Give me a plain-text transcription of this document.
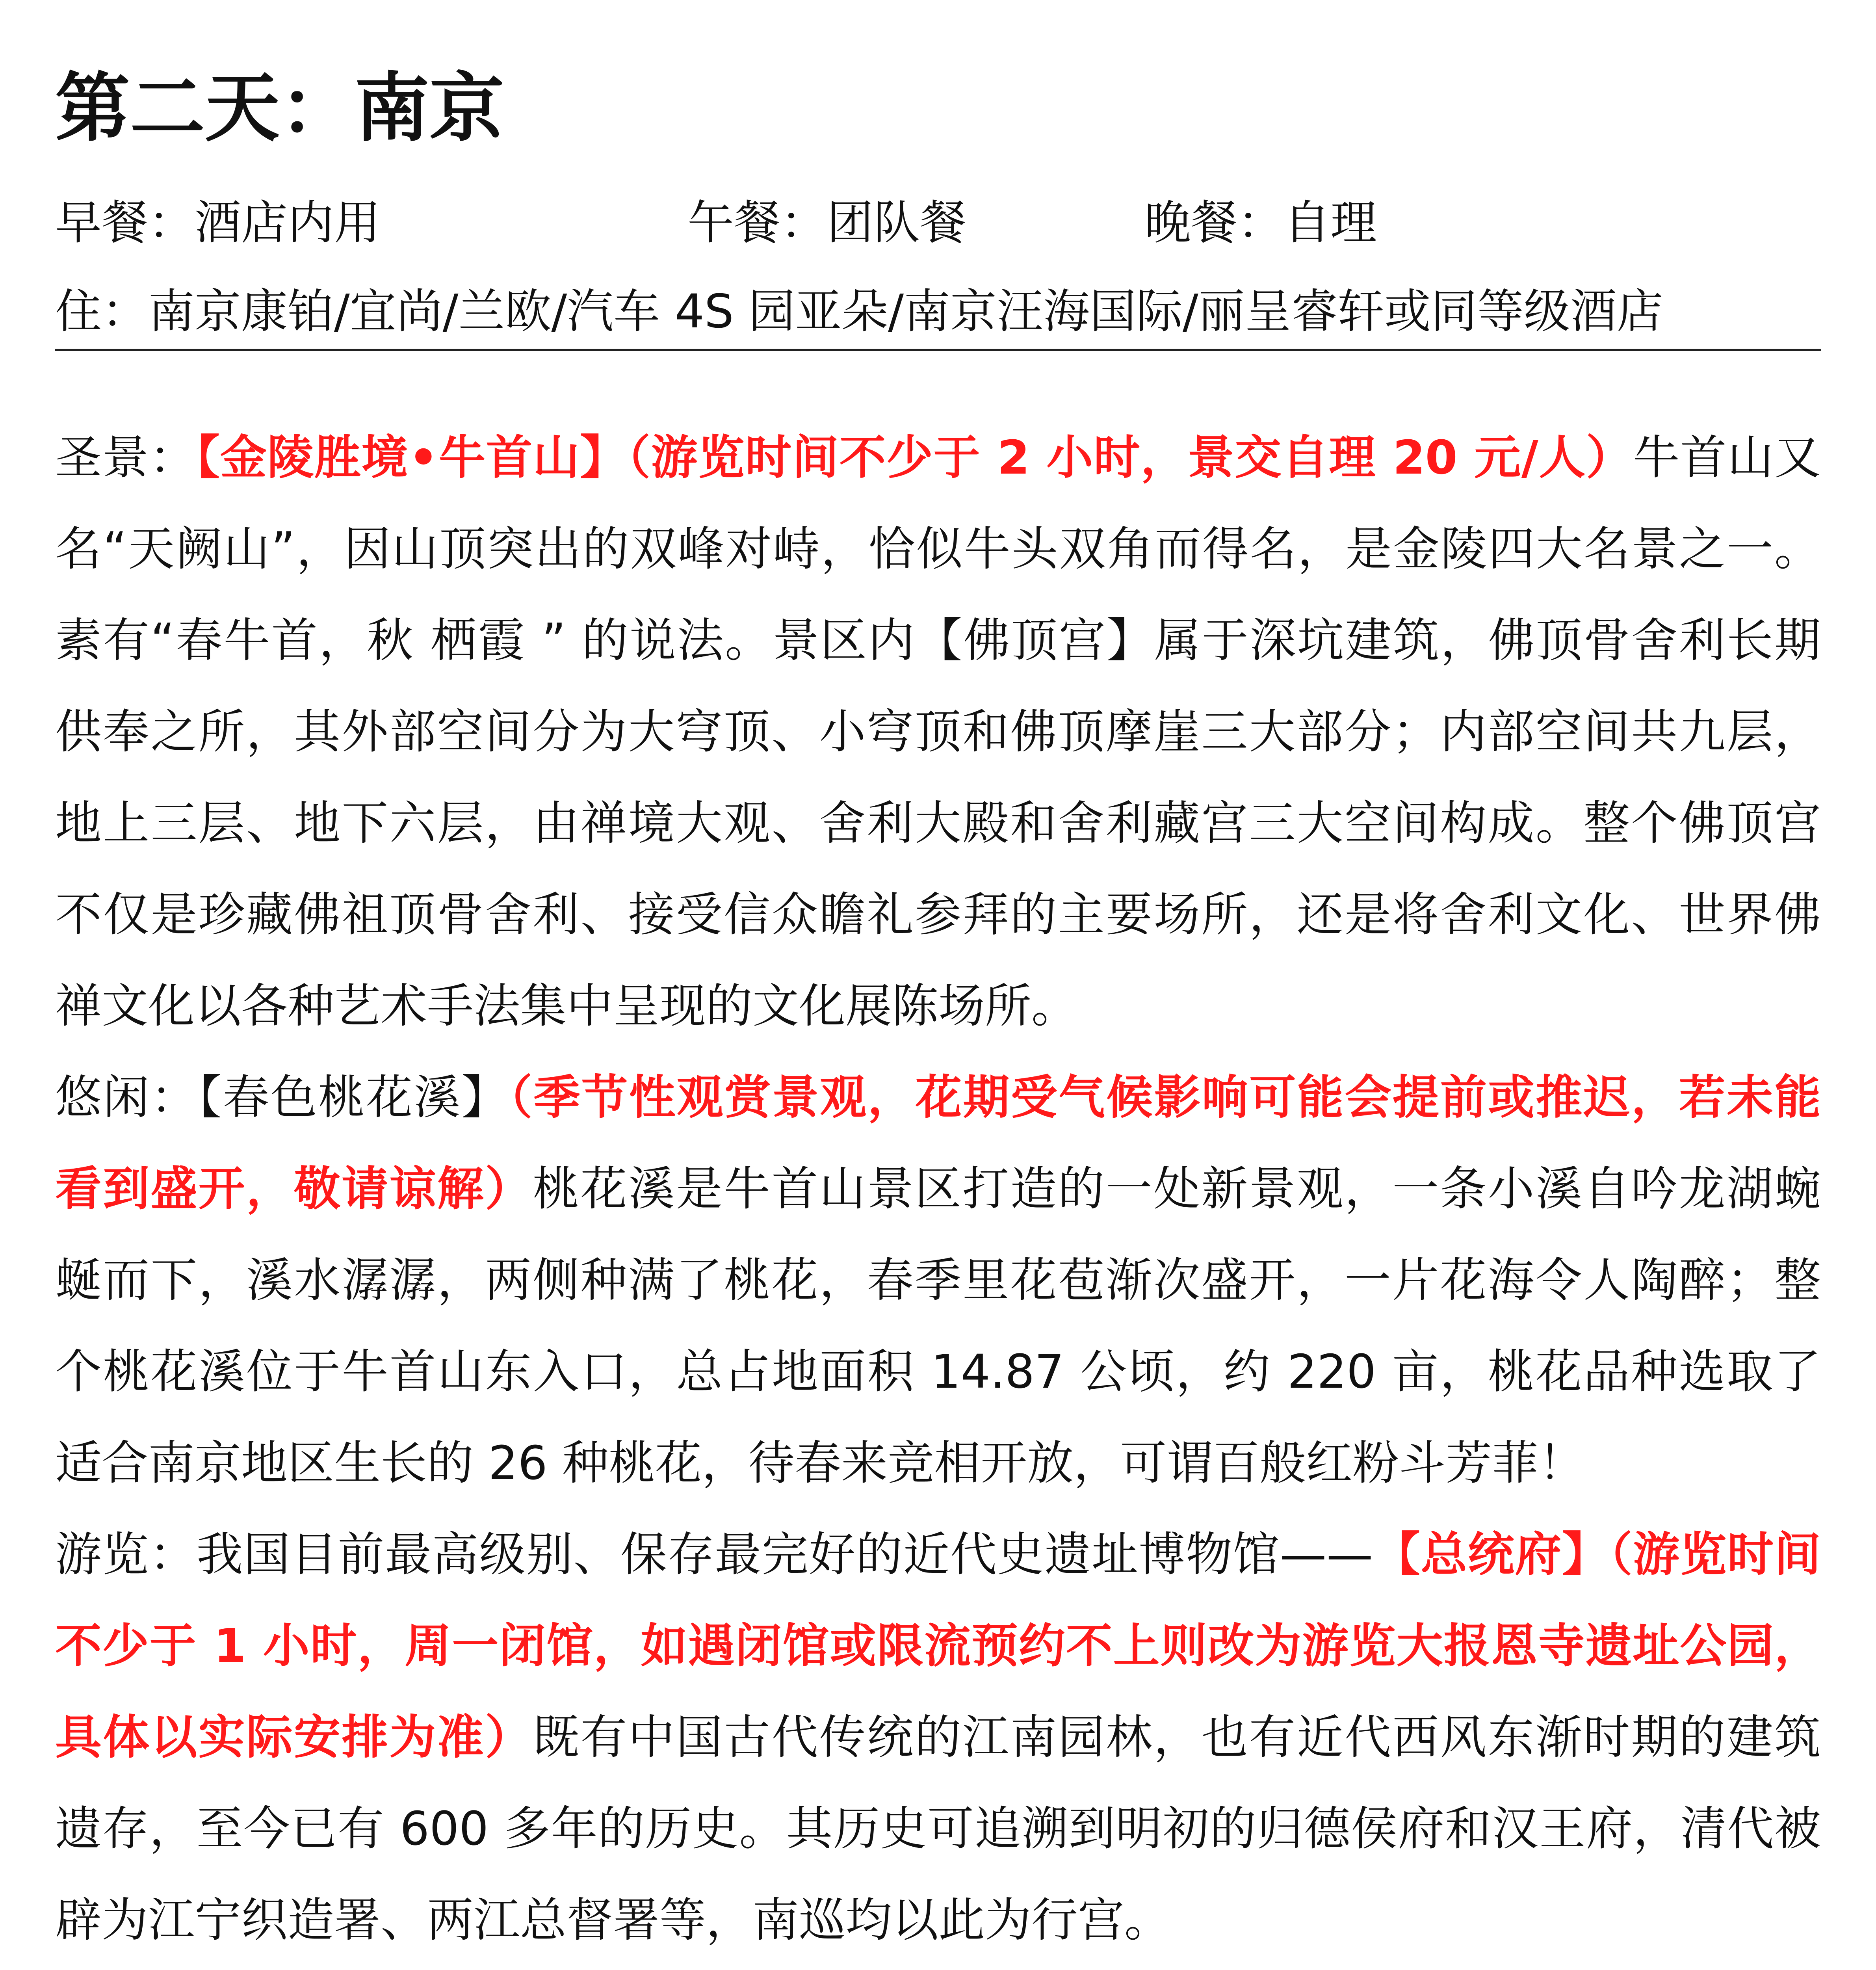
第二天：南京
早餐：酒店内用	午餐：团队餐	晚餐：自理
住：南京康铂/宜尚/兰欧/汽车 4S 园亚朵/南京汪海国际/丽呈睿轩或同等级酒店

圣景：【金陵胜境•牛首山】（游览时间不少于 2 小时，景交自理 20 元/人）牛首山又名“天阙山”，因山顶突出的双峰对峙，恰似牛头双角而得名，是金陵四大名景之一。素有“春牛首，秋 栖霞 ” 的说法。景区内【佛顶宫】属于深坑建筑，佛顶骨舍利长期供奉之所，其外部空间分为大穹顶、小穹顶和佛顶摩崖三大部分；内部空间共九层，地上三层、地下六层，由禅境大观、舍利大殿和舍利藏宫三大空间构成。整个佛顶宫不仅是珍藏佛祖顶骨舍利、接受信众瞻礼参拜的主要场所，还是将舍利文化、世界佛禅文化以各种艺术手法集中呈现的文化展陈场所。

悠闲：【春色桃花溪】（季节性观赏景观，花期受气候影响可能会提前或推迟，若未能看到盛开，敬请谅解）桃花溪是牛首山景区打造的一处新景观，一条小溪自吟龙湖蜿蜒而下，溪水潺潺，两侧种满了桃花，春季里花苞渐次盛开，一片花海令人陶醉；整个桃花溪位于牛首山东入口，总占地面积 14.87 公顷，约 220 亩，桃花品种选取了适合南京地区生长的 26 种桃花，待春来竞相开放，可谓百般红粉斗芳菲！

游览：我国目前最高级别、保存最完好的近代史遗址博物馆——【总统府】（游览时间不少于 1 小时，周一闭馆，如遇闭馆或限流预约不上则改为游览大报恩寺遗址公园，具体以实际安排为准）既有中国古代传统的江南园林，也有近代西风东渐时期的建筑遗存，至今已有 600 多年的历史。其历史可追溯到明初的归德侯府和汉王府，清代被辟为江宁织造署、两江总督署等，南巡均以此为行宫。
